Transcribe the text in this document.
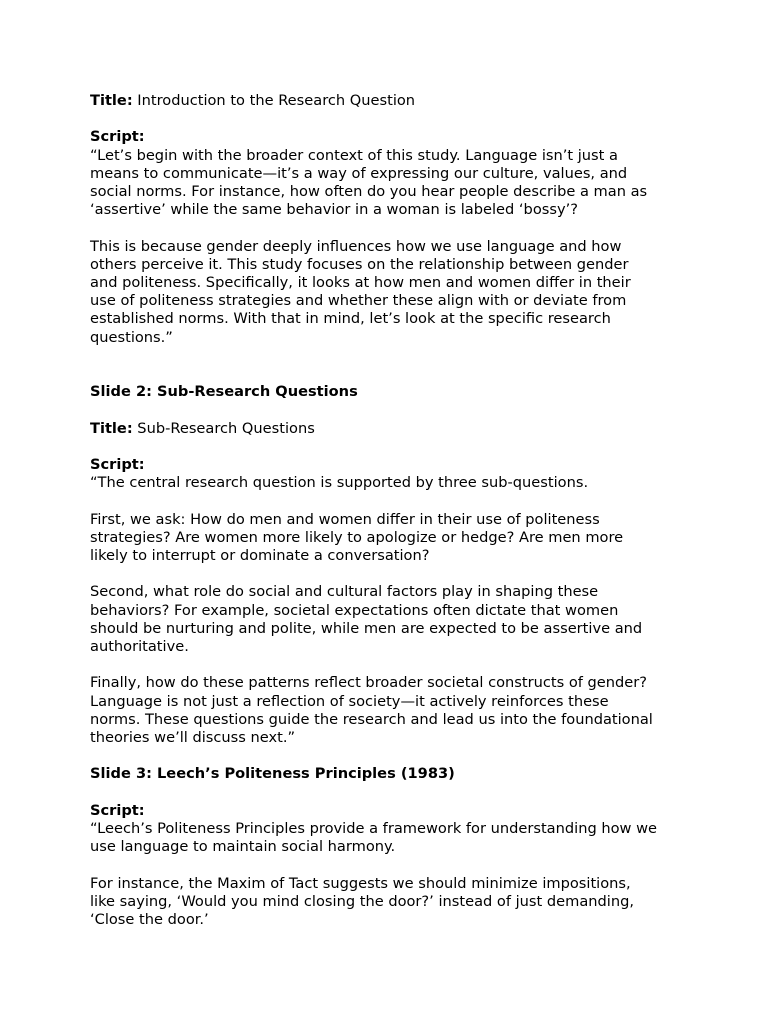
Title: Introduction to the Research Question

Script:

“Let’s begin with the broader context of this study. Language isn’t just a

means to communicate—it’s a way of expressing our culture, values, and

social norms. For instance, how often do you hear people describe a man as

‘assertive’ while the same behavior in a woman is labeled ‘bossy’?

This is because gender deeply influences how we use language and how

others perceive it. This study focuses on the relationship between gender

and politeness. Specifically, it looks at how men and women differ in their

use of politeness strategies and whether these align with or deviate from

established norms. With that in mind, let’s look at the specific research

questions.”

Slide 2: Sub-Research Questions

Title: Sub-Research Questions

Script:

“The central research question is supported by three sub-questions.

First, we ask: How do men and women differ in their use of politeness

strategies? Are women more likely to apologize or hedge? Are men more

likely to interrupt or dominate a conversation?

Second, what role do social and cultural factors play in shaping these

behaviors? For example, societal expectations often dictate that women

should be nurturing and polite, while men are expected to be assertive and

authoritative.

Finally, how do these patterns reflect broader societal constructs of gender?

Language is not just a reflection of society—it actively reinforces these

norms. These questions guide the research and lead us into the foundational

theories we’ll discuss next.”

Slide 3: Leech’s Politeness Principles (1983)

Script:

“Leech’s Politeness Principles provide a framework for understanding how we

use language to maintain social harmony.

For instance, the Maxim of Tact suggests we should minimize impositions,

like saying, ‘Would you mind closing the door?’ instead of just demanding,

‘Close the door.’
